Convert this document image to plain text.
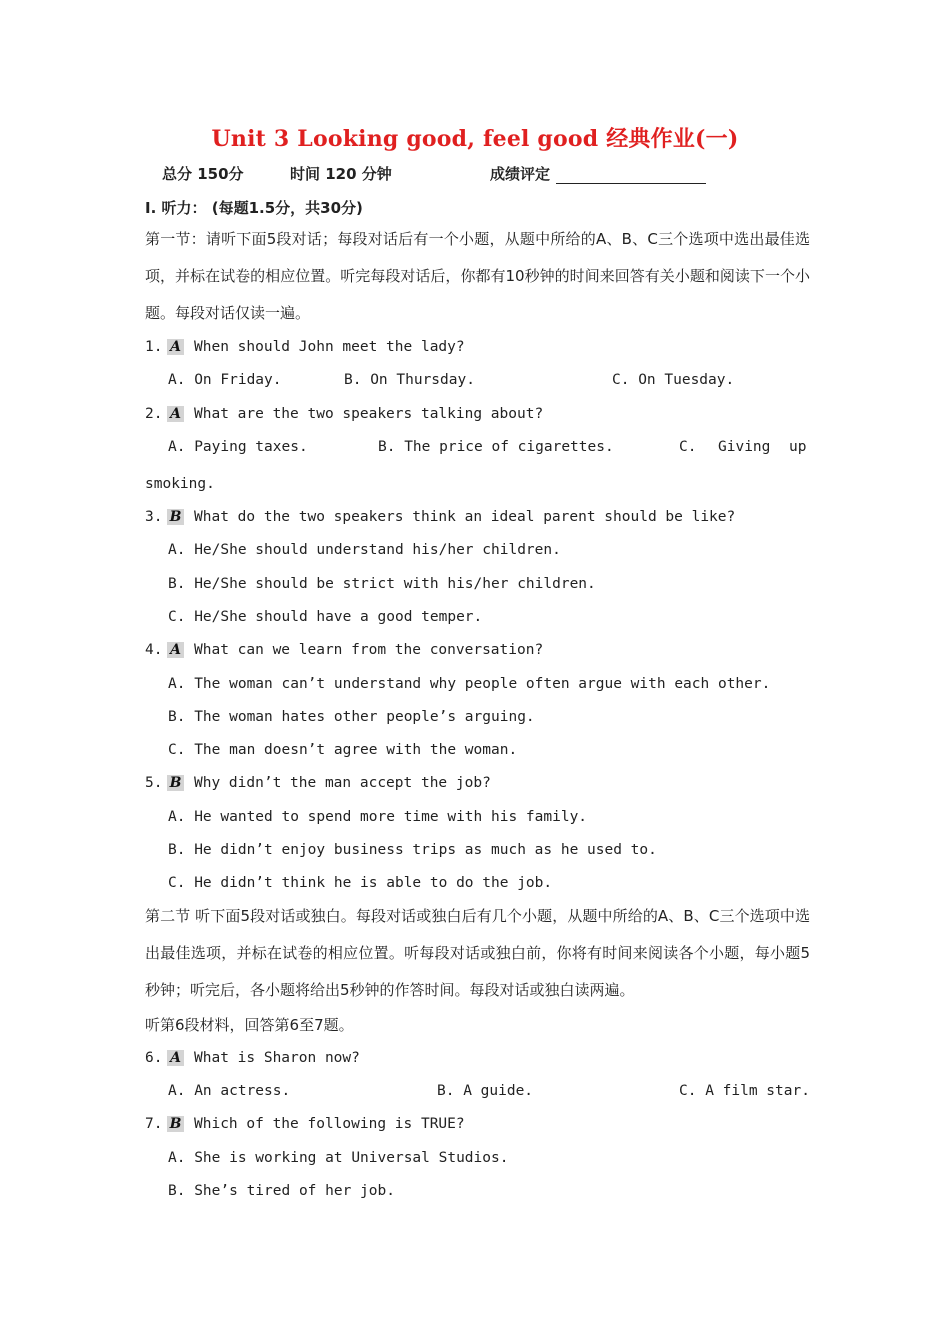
Unit 3 Looking good, feel good 经典作业(一)
总分 150分	时间 120 分钟	成绩评定
I. 听力： (每题1.5分，共30分)

第一节：请听下面5段对话；每段对话后有一个小题，从题中所给的A、B、C三个选项中选出最佳选项，并标在试卷的相应位置。听完每段对话后，你都有10秒钟的时间来回答有关小题和阅读下一个小题。每段对话仅读一遍。

1. A When should John meet the lady?
A. On Friday.	B. On Thursday.	C. On Tuesday.
2. A What are the two speakers talking about?
A. Paying taxes.	B. The price of cigarettes.	C. Giving up
smoking.
3. B What do the two speakers think an ideal parent should be like?
A. He/She should understand his/her children.
B. He/She should be strict with his/her children.
C. He/She should have a good temper.
4. A What can we learn from the conversation?
A. The woman can’t understand why people often argue with each other.
B. The woman hates other people’s arguing.
C. The man doesn’t agree with the woman.
5. B Why didn’t the man accept the job?
A. He wanted to spend more time with his family.
B. He didn’t enjoy business trips as much as he used to.
C. He didn’t think he is able to do the job.

第二节 听下面5段对话或独白。每段对话或独白后有几个小题，从题中所给的A、B、C三个选项中选出最佳选项，并标在试卷的相应位置。听每段对话或独白前，你将有时间来阅读各个小题，每小题5秒钟；听完后，各小题将给出5秒钟的作答时间。每段对话或独白读两遍。

听第6段材料，回答第6至7题。
6. A What is Sharon now?
A. An actress.	B. A guide.	C. A film star.
7. B Which of the following is TRUE?
A. She is working at Universal Studios.
B. She’s tired of her job.
